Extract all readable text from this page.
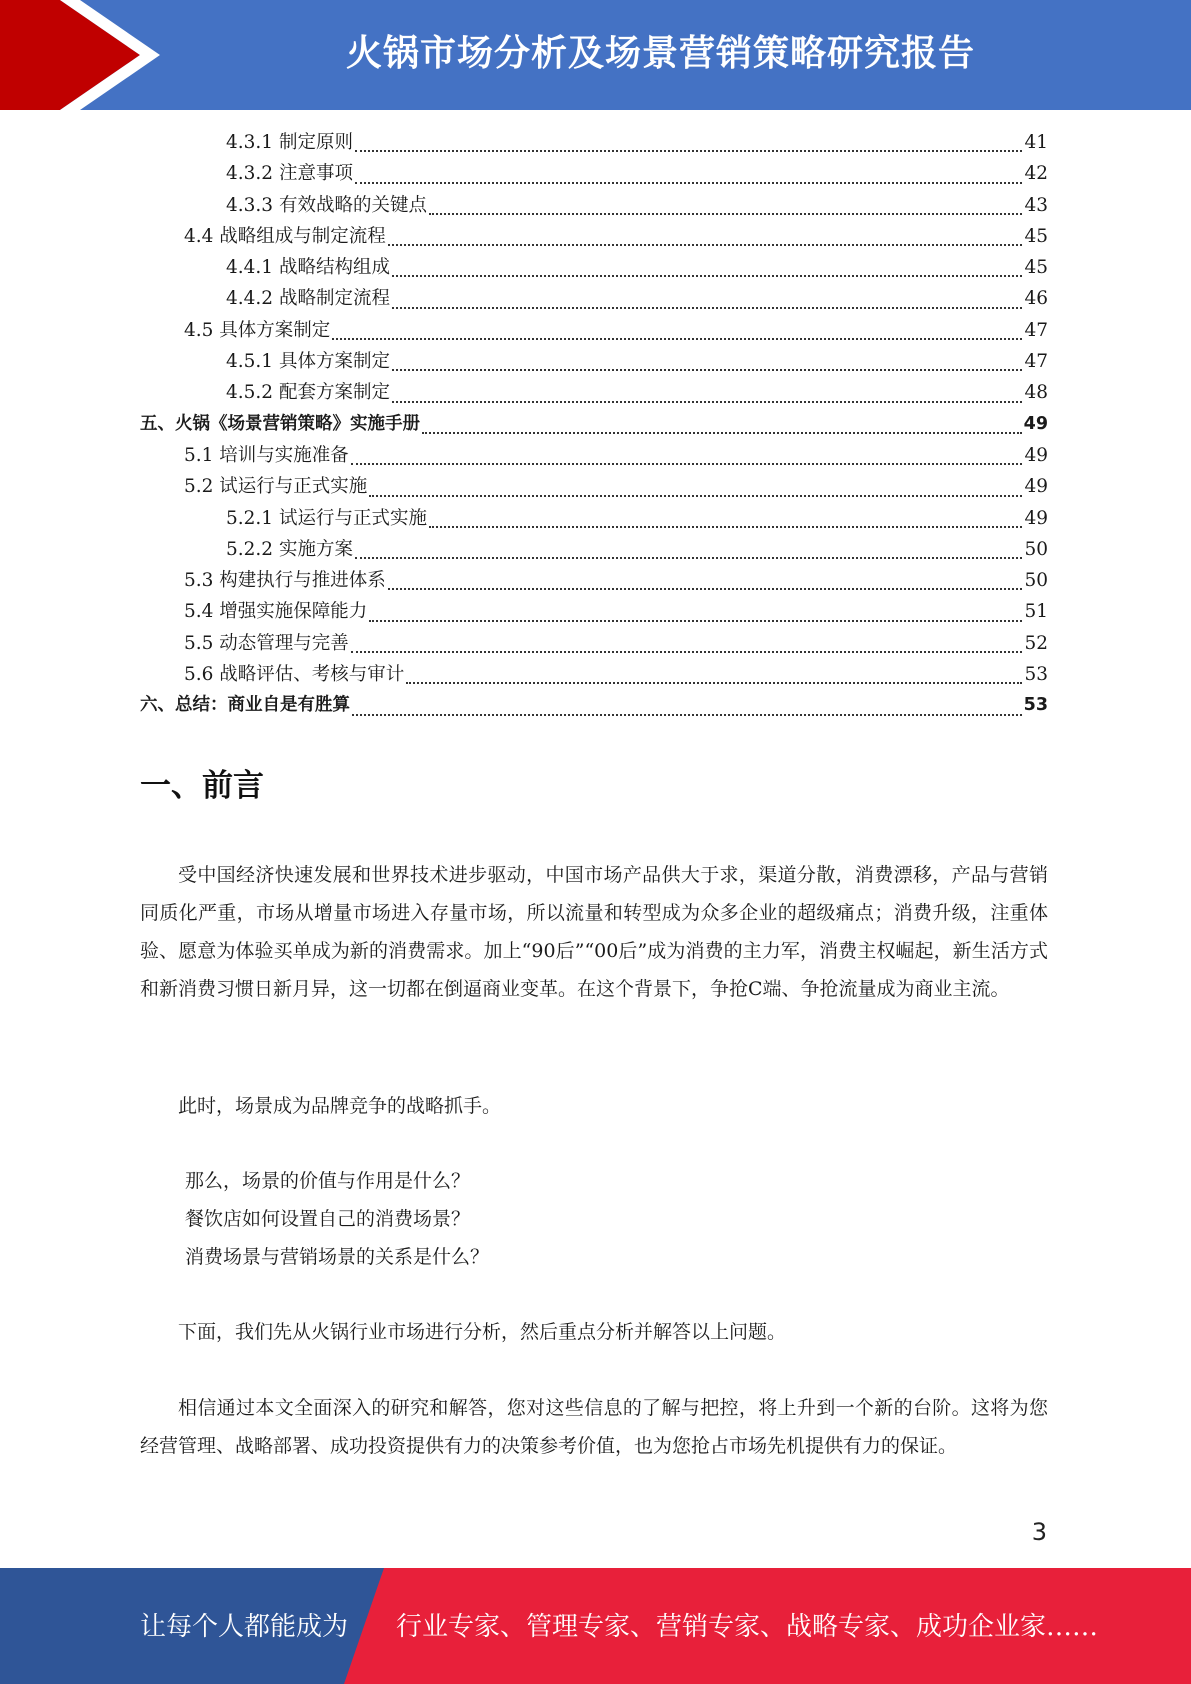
火锅市场分析及场景营销策略研究报告
4.3.1 制定原则	41
4.3.2 注意事项	42
4.3.3 有效战略的关键点	43
4.4 战略组成与制定流程	45
4.4.1 战略结构组成	45
4.4.2 战略制定流程	46
4.5 具体方案制定	47
4.5.1 具体方案制定	47
4.5.2 配套方案制定	48
五、火锅《场景营销策略》实施手册	49
5.1 培训与实施准备	49
5.2 试运行与正式实施	49
5.2.1 试运行与正式实施	49
5.2.2 实施方案	50
5.3 构建执行与推进体系	50
5.4 增强实施保障能力	51
5.5 动态管理与完善	52
5.6 战略评估、考核与审计	53
六、总结：商业自是有胜算	53
一、前言

受中国经济快速发展和世界技术进步驱动，中国市场产品供大于求，渠道分散，消费漂移，产品与营销同质化严重，市场从增量市场进入存量市场，所以流量和转型成为众多企业的超级痛点；消费升级，注重体验、愿意为体验买单成为新的消费需求。加上“90后”“00后”成为消费的主力军，消费主权崛起，新生活方式和新消费习惯日新月异，这一切都在倒逼商业变革。在这个背景下，争抢C端、争抢流量成为商业主流。

此时，场景成为品牌竞争的战略抓手。

那么，场景的价值与作用是什么？

餐饮店如何设置自己的消费场景？

消费场景与营销场景的关系是什么？

下面，我们先从火锅行业市场进行分析，然后重点分析并解答以上问题。

相信通过本文全面深入的研究和解答，您对这些信息的了解与把控，将上升到一个新的台阶。这将为您经营管理、战略部署、成功投资提供有力的决策参考价值，也为您抢占市场先机提供有力的保证。

3
让每个人都能成为 行业专家、管理专家、营销专家、战略专家、成功企业家……
